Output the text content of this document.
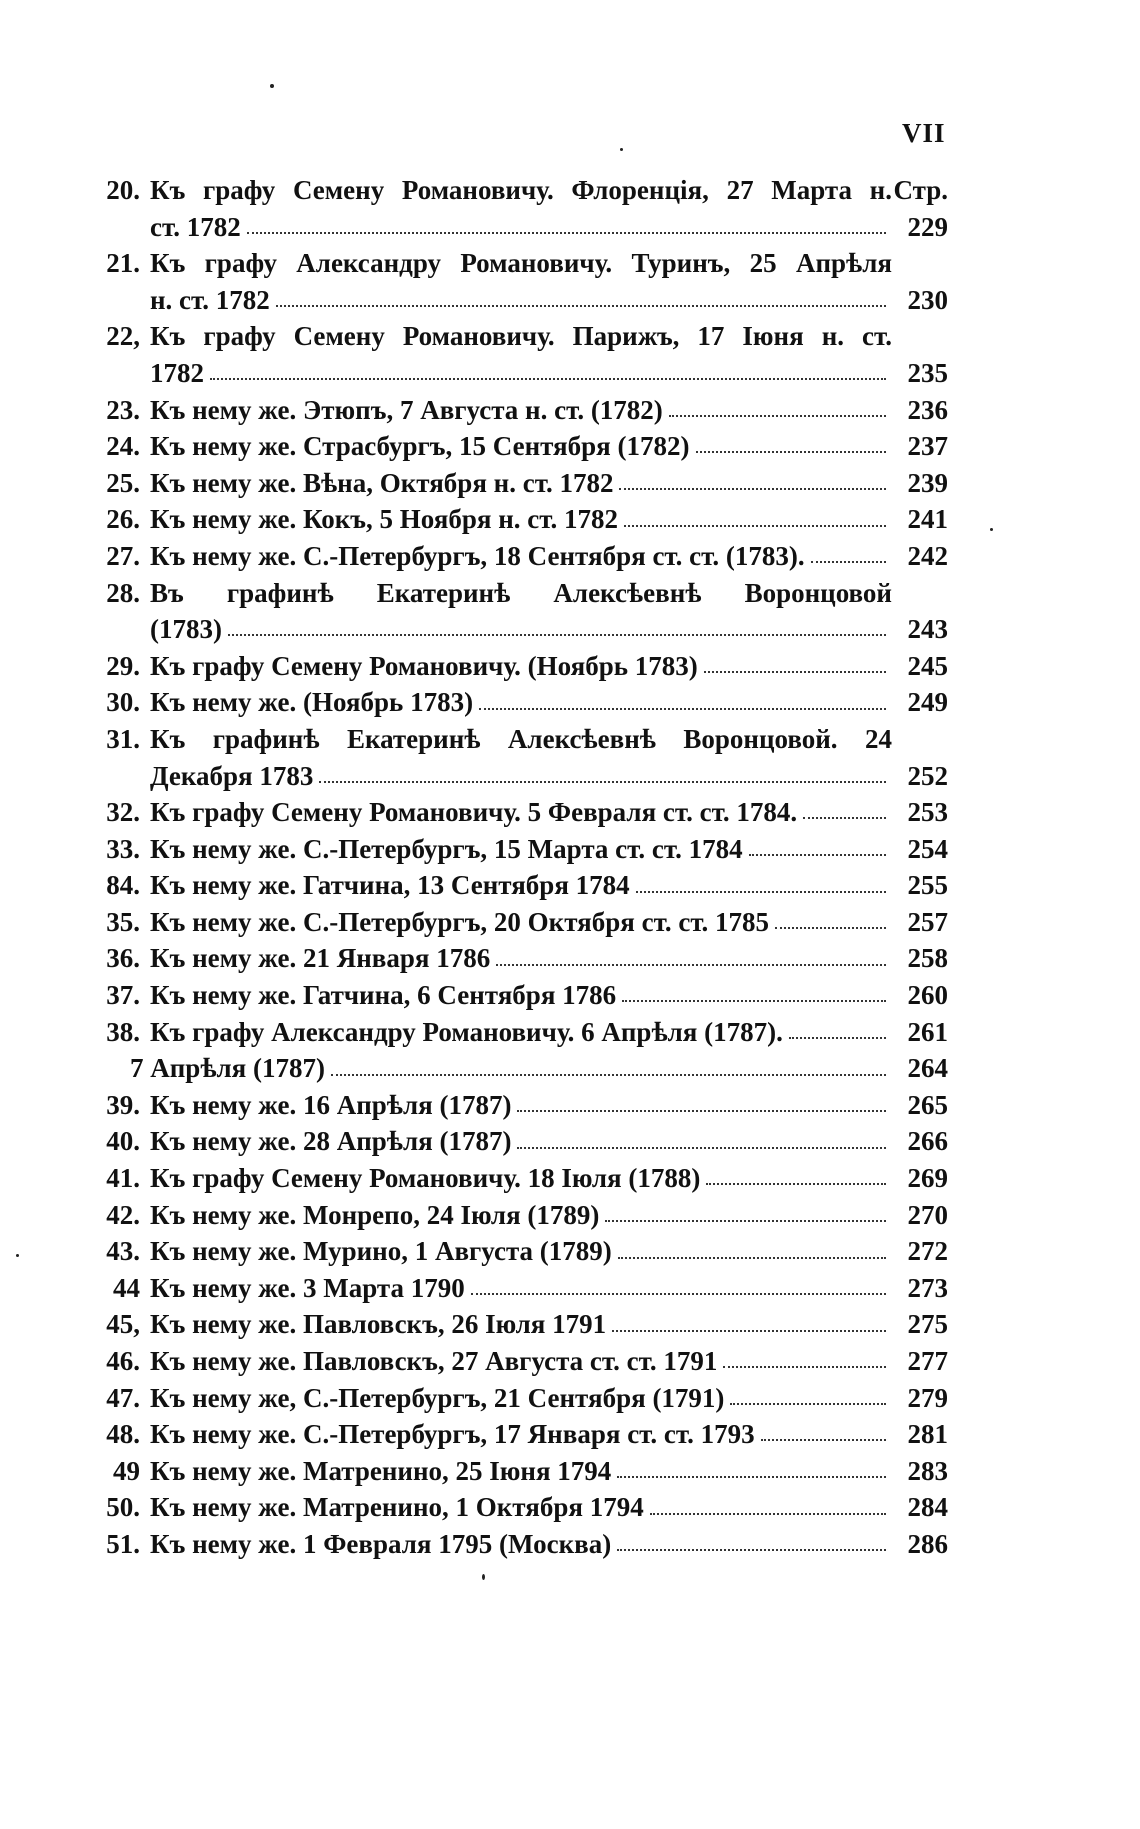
VII
20. Къ графу Семену Романовичу. Флоренція, 27 Марта н. Стр.
ст. 1782	229
21. Къ графу Александру Романовичу. Туринъ, 25 Апрѣля
н. ст. 1782	230
22, Къ графу Семену Романовичу. Парижъ, 17 Іюня н. ст.
1782	235
23. Къ нему же. Этюпъ, 7 Августа н. ст. (1782)	236
24. Къ нему же. Страсбургъ, 15 Сентября (1782)	237
25. Къ нему же. Вѣна, Октября н. ст. 1782	239
26. Къ нему же. Кокъ, 5 Ноября н. ст. 1782	241
27. Къ нему же. С.-Петербургъ, 18 Сентября ст. ст. (1783).	242
28. Въ графинѣ Екатеринѣ Алексѣевнѣ Воронцовой
(1783)	243
29. Къ графу Семену Романовичу. (Ноябрь 1783)	245
30. Къ нему же. (Ноябрь 1783)	249
31. Къ графинѣ Екатеринѣ Алексѣевнѣ Воронцовой. 24
Декабря 1783	252
32. Къ графу Семену Романовичу. 5 Февраля ст. ст. 1784.	253
33. Къ нему же. С.-Петербургъ, 15 Марта ст. ст. 1784	254
84. Къ нему же. Гатчина, 13 Сентября 1784	255
35. Къ нему же. С.-Петербургъ, 20 Октября ст. ст. 1785	257
36. Къ нему же. 21 Января 1786	258
37. Къ нему же. Гатчина, 6 Сентября 1786	260
38. Къ графу Александру Романовичу. 6 Апрѣля (1787).	261
7 Апрѣля (1787)	264
39. Къ нему же. 16 Апрѣля (1787)	265
40. Къ нему же. 28 Апрѣля (1787)	266
41. Къ графу Семену Романовичу. 18 Іюля (1788)	269
42. Къ нему же. Монрепо, 24 Іюля (1789)	270
43. Къ нему же. Мурино, 1 Августа (1789)	272
44 Къ нему же. 3 Марта 1790	273
45, Къ нему же. Павловскъ, 26 Іюля 1791	275
46. Къ нему же. Павловскъ, 27 Августа ст. ст. 1791	277
47. Къ нему же, С.-Петербургъ, 21 Сентября (1791)	279
48. Къ нему же. С.-Петербургъ, 17 Января ст. ст. 1793	281
49 Къ нему же. Матренино, 25 Іюня 1794	283
50. Къ нему же. Матренино, 1 Октября 1794	284
51. Къ нему же. 1 Февраля 1795 (Москва)	286
